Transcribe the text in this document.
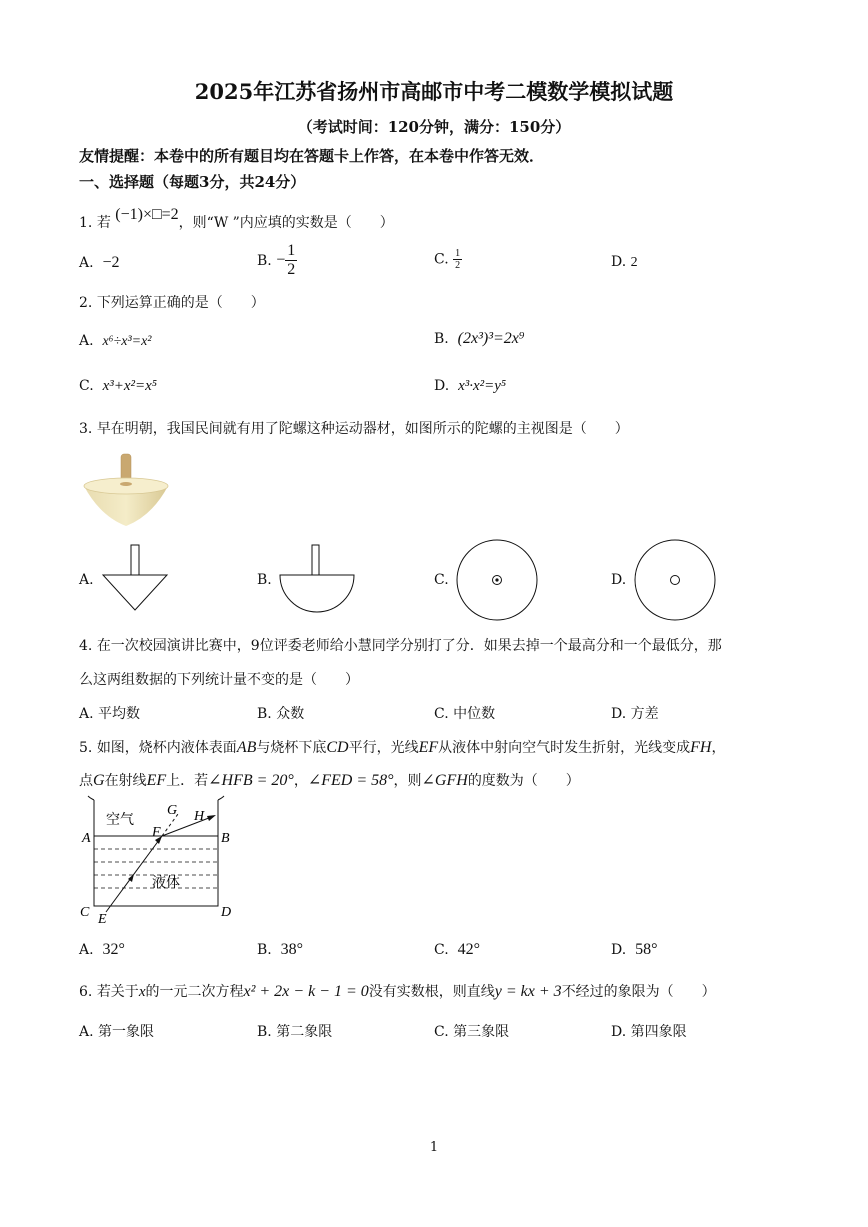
2025年江苏省扬州市高邮市中考二模数学模拟试题
（考试时间：120分钟，满分：150分）
友情提醒：本卷中的所有题目均在答题卡上作答，在本卷中作答无效．
一、选择题（每题3分，共24分）
1. 若 (−1)×□=2，则“W ”内应填的实数是（　　）
A. −2	B. − $\frac{1}{2}$	C. $\frac{1}{2}$	D. 2
2. 下列运算正确的是（　　）
A. x⁶÷x³=x²	B. (2x³)³=2x⁹
C. x³+x²=x⁵	D. x³·x²=y⁵
3. 早在明朝，我国民间就有用了陀螺这种运动器材，如图所示的陀螺的主视图是（　　）
A.	B.	C.	D.
4. 在一次校园演讲比赛中，9位评委老师给小慧同学分别打了分．如果去掉一个最高分和一个最低分，那
么这两组数据的下列统计量不变的是（　　）
A. 平均数	B. 众数	C. 中位数	D. 方差
5. 如图，烧杯内液体表面AB与烧杯下底CD平行，光线EF从液体中射向空气时发生折射，光线变成FH，
点G在射线EF上．若∠HFB = 20°，∠FED = 58°，则∠GFH的度数为（　　）
空气
液体
A	B
C	D
E
F
G H
A. 32°	B. 38°	C. 42°	D. 58°
6. 若关于x的一元二次方程x² + 2x − k − 1 = 0没有实数根，则直线y = kx + 3不经过的象限为（　　）
A. 第一象限	B. 第二象限	C. 第三象限	D. 第四象限
1
